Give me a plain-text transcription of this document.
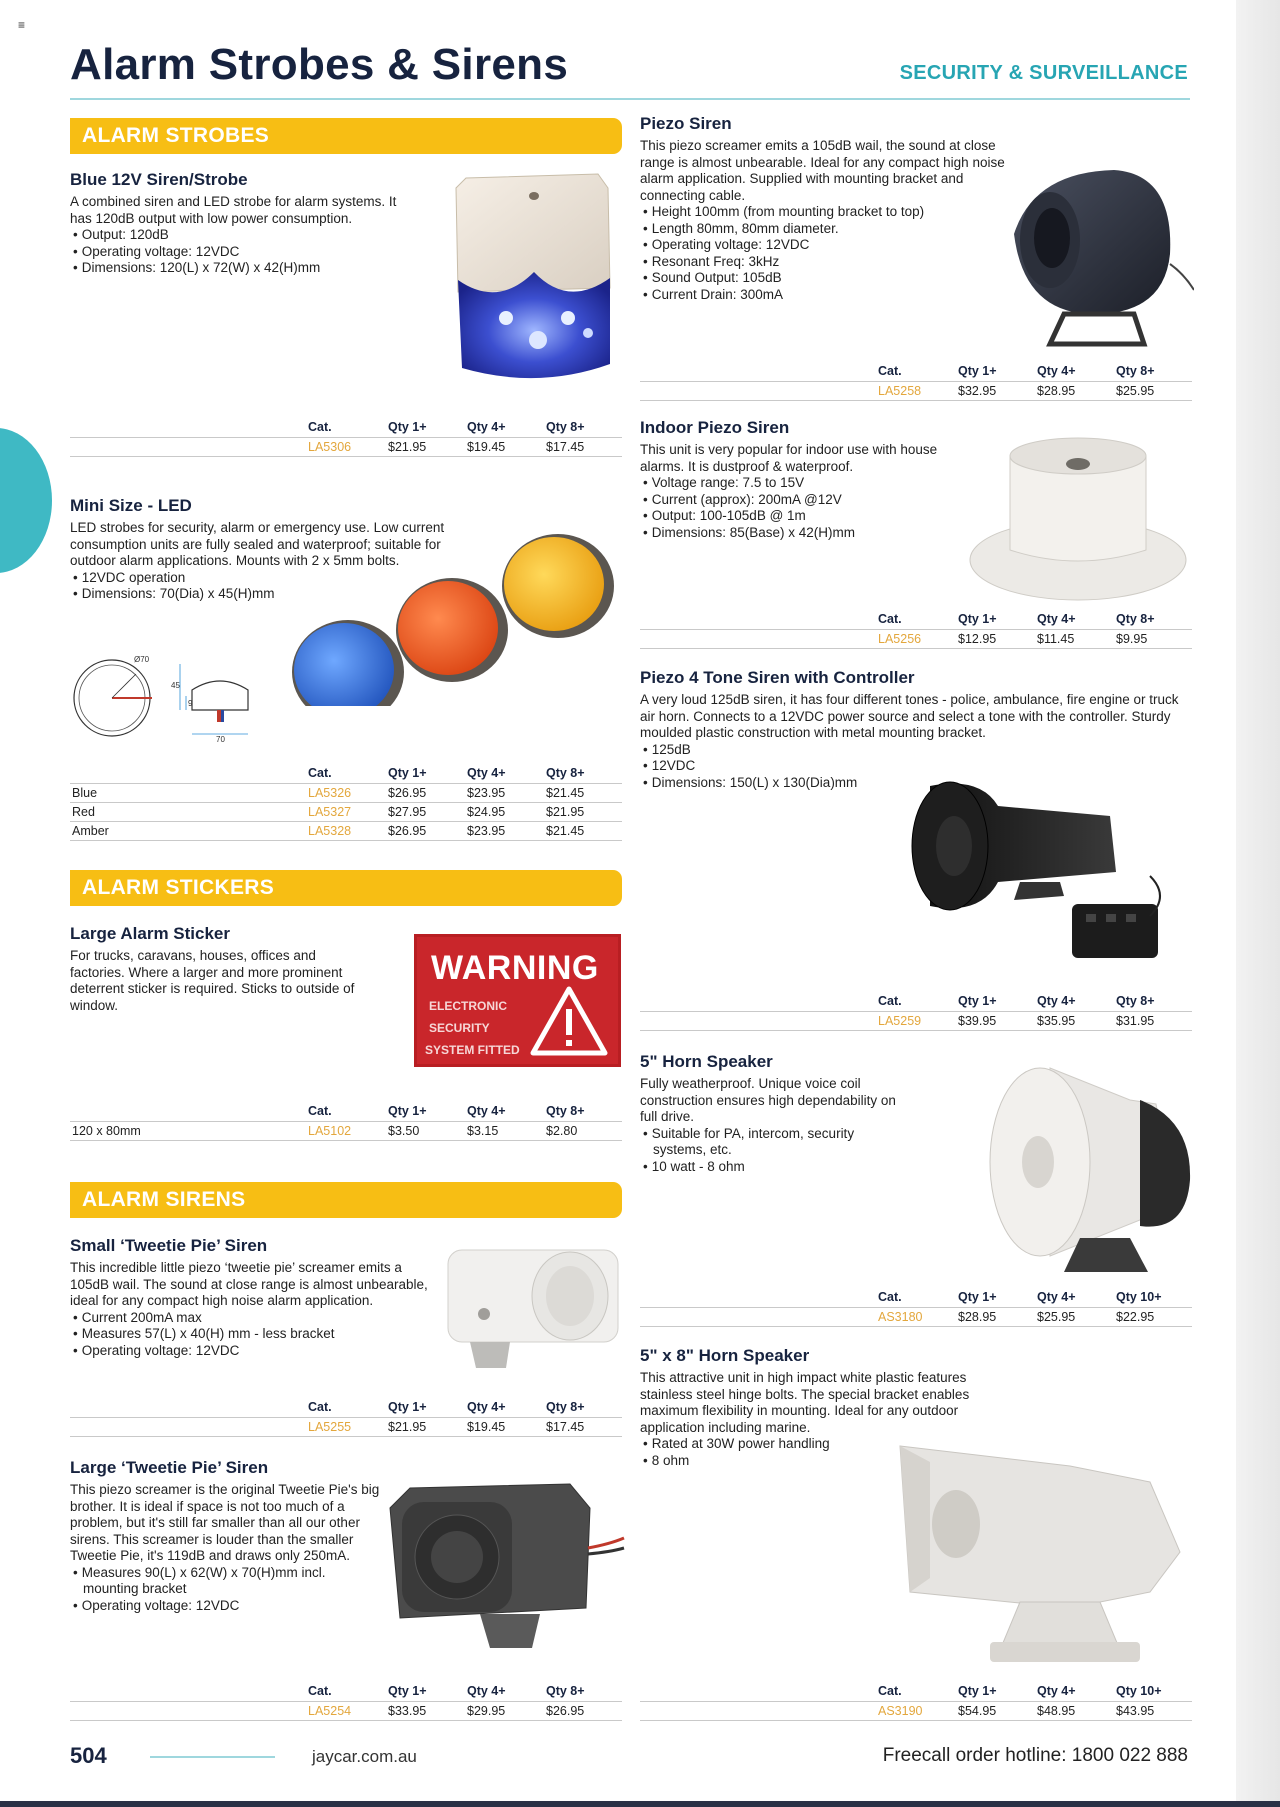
≡
Alarm Strobes & Sirens	SECURITY & SURVEILLANCE
ALARM STROBES
Blue 12V Siren/Strobe
A combined siren and LED strobe for alarm systems. It has 120dB output with low power consumption.
• Output: 120dB
• Operating voltage: 12VDC
• Dimensions: 120(L) x 72(W) x 42(H)mm
	Cat.	Qty 1+	Qty 4+	Qty 8+
	LA5306	$21.95	$19.45	$17.45
Mini Size - LED
LED strobes for security, alarm or emergency use. Low current consumption units are fully sealed and waterproof; suitable for outdoor alarm applications. Mounts with 2 x 5mm bolts.
• 12VDC operation
• Dimensions: 70(Dia) x 45(H)mm
Ø70
45
9
70
	Cat.	Qty 1+	Qty 4+	Qty 8+
Blue	LA5326	$26.95	$23.95	$21.45
Red	LA5327	$27.95	$24.95	$21.95
Amber	LA5328	$26.95	$23.95	$21.45
ALARM STICKERS
Large Alarm Sticker
For trucks, caravans, houses, offices and factories. Where a larger and more prominent deterrent sticker is required. Sticks to outside of window.
WARNING
ELECTRONIC
SECURITY
SYSTEM FITTED
	Cat.	Qty 1+	Qty 4+	Qty 8+
120 x 80mm	LA5102	$3.50	$3.15	$2.80
ALARM SIRENS
Small ‘Tweetie Pie’ Siren
This incredible little piezo ‘tweetie pie’ screamer emits a 105dB wail. The sound at close range is almost unbearable, ideal for any compact high noise alarm application.
• Current 200mA max
• Measures 57(L) x 40(H) mm - less bracket
• Operating voltage: 12VDC
	Cat.	Qty 1+	Qty 4+	Qty 8+
	LA5255	$21.95	$19.45	$17.45
Large ‘Tweetie Pie’ Siren
This piezo screamer is the original Tweetie Pie's big brother. It is ideal if space is not too much of a problem, but it's still far smaller than all our other sirens. This screamer is louder than the smaller Tweetie Pie, it's 119dB and draws only 250mA.
• Measures 90(L) x 62(W) x 70(H)mm incl. mounting bracket
• Operating voltage: 12VDC
	Cat.	Qty 1+	Qty 4+	Qty 8+
	LA5254	$33.95	$29.95	$26.95
Piezo Siren
This piezo screamer emits a 105dB wail, the sound at close range is almost unbearable. Ideal for any compact high noise alarm application. Supplied with mounting bracket and connecting cable.
• Height 100mm (from mounting bracket to top)
• Length 80mm, 80mm diameter.
• Operating voltage: 12VDC
• Resonant Freq: 3kHz
• Sound Output: 105dB
• Current Drain: 300mA
	Cat.	Qty 1+	Qty 4+	Qty 8+
	LA5258	$32.95	$28.95	$25.95
Indoor Piezo Siren
This unit is very popular for indoor use with house alarms. It is dustproof & waterproof.
• Voltage range: 7.5 to 15V
• Current (approx): 200mA @12V
• Output: 100-105dB @ 1m
• Dimensions: 85(Base) x 42(H)mm
	Cat.	Qty 1+	Qty 4+	Qty 8+
	LA5256	$12.95	$11.45	$9.95
Piezo 4 Tone Siren with Controller
A very loud 125dB siren, it has four different tones - police, ambulance, fire engine or truck air horn. Connects to a 12VDC power source and select a tone with the controller. Sturdy moulded plastic construction with metal mounting bracket.
• 125dB
• 12VDC
• Dimensions: 150(L) x 130(Dia)mm
	Cat.	Qty 1+	Qty 4+	Qty 8+
	LA5259	$39.95	$35.95	$31.95
5" Horn Speaker
Fully weatherproof. Unique voice coil construction ensures high dependability on full drive.
• Suitable for PA, intercom, security systems, etc.
• 10 watt - 8 ohm
	Cat.	Qty 1+	Qty 4+	Qty 10+
	AS3180	$28.95	$25.95	$22.95
5" x 8" Horn Speaker
This attractive unit in high impact white plastic features stainless steel hinge bolts. The special bracket enables maximum flexibility in mounting. Ideal for any outdoor application including marine.
• Rated at 30W power handling
• 8 ohm
	Cat.	Qty 1+	Qty 4+	Qty 10+
	AS3190	$54.95	$48.95	$43.95
504	jaycar.com.au	Freecall order hotline: 1800 022 888
